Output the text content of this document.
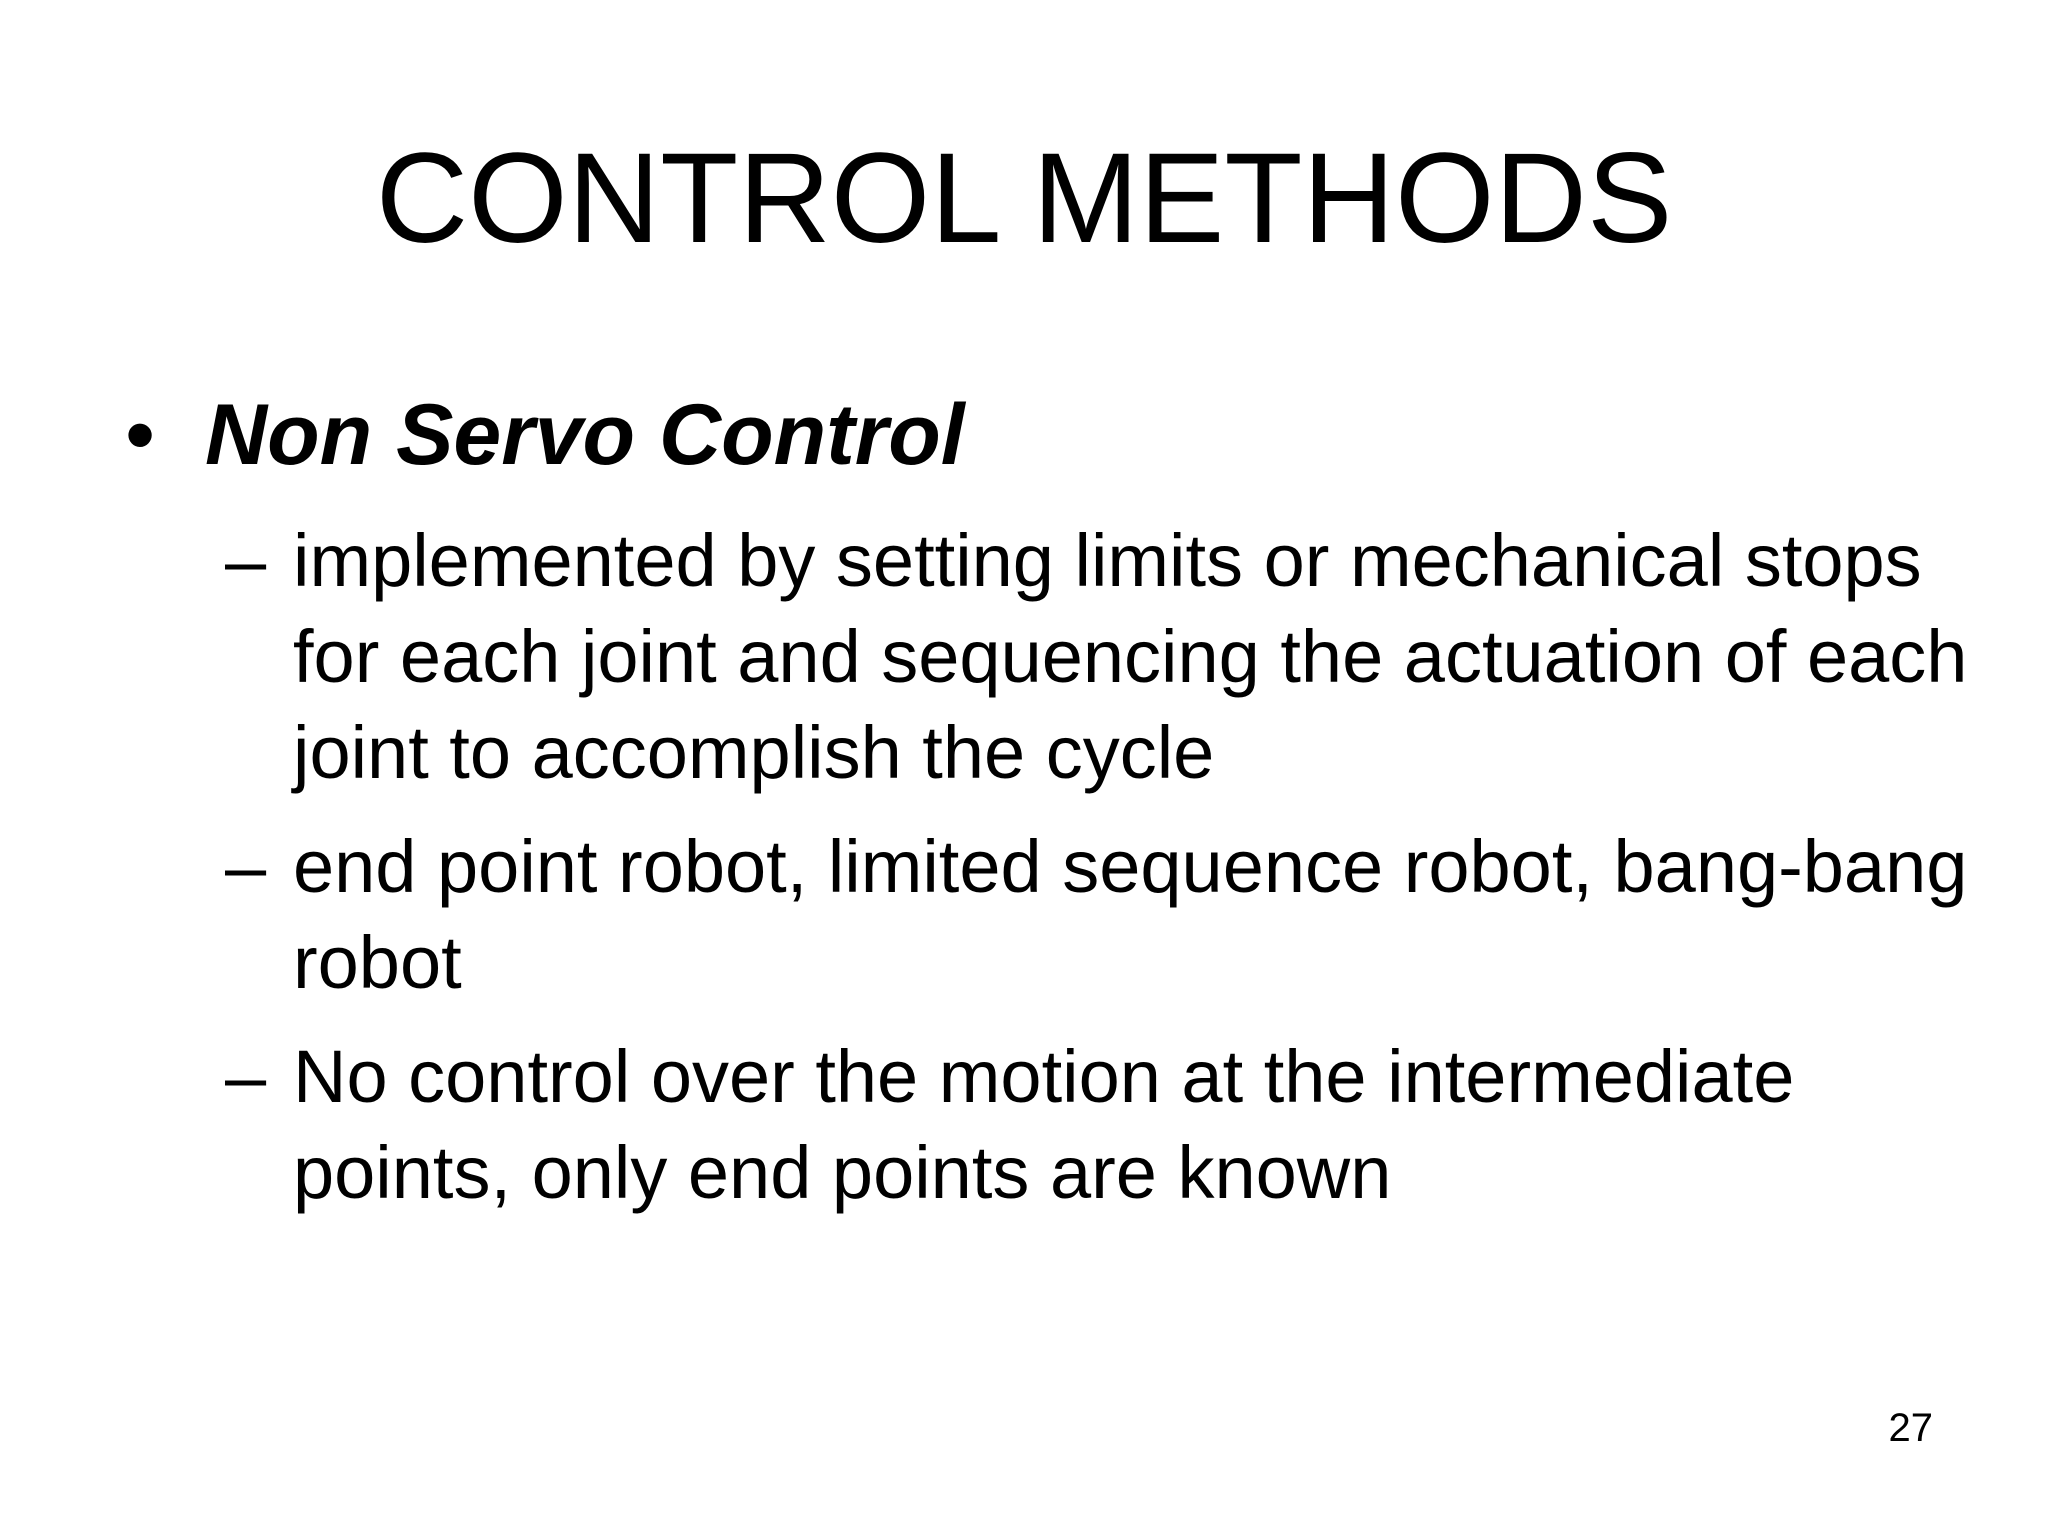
CONTROL METHODS
• Non Servo Control
– implemented by setting limits or mechanical stops for each joint and sequencing the actuation of each joint to accomplish the cycle
– end point robot, limited sequence robot, bang-bang robot
– No control over the motion at the intermediate points, only end points are known
27
